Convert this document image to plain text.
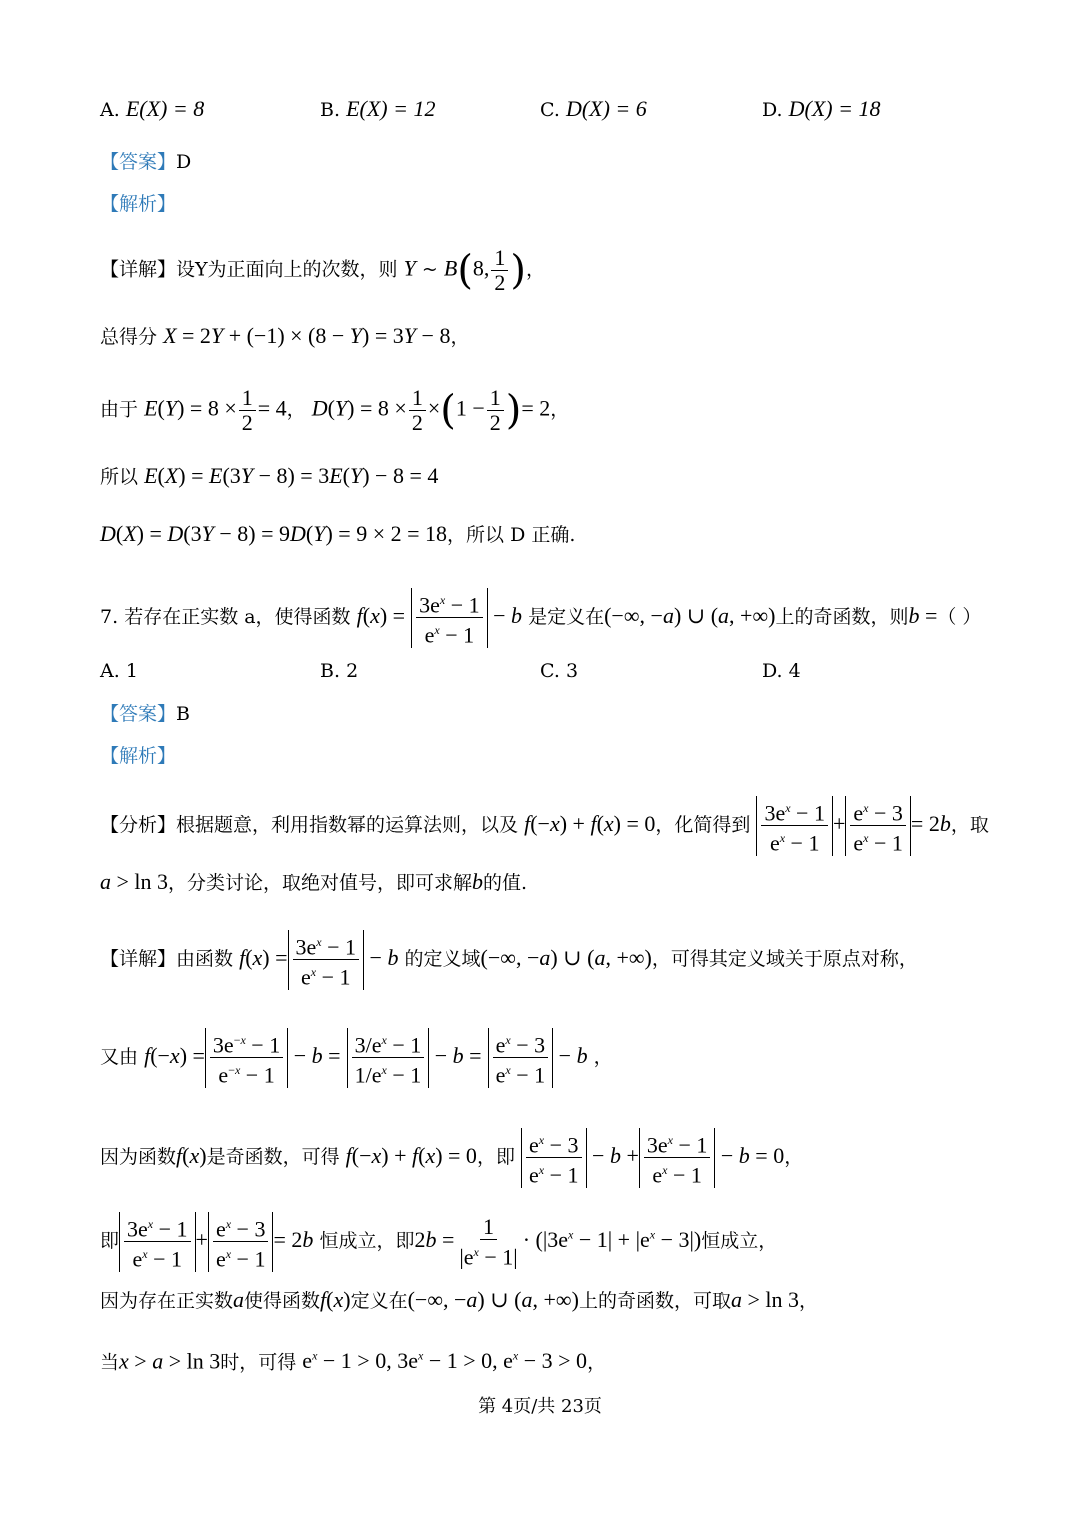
A. E(X) = 8	B. E(X) = 12	C. D(X) = 6	D. D(X) = 18
【答案】D
【解析】
【详解】设Y为正面向上的次数，则 Y ~ B(8, $\frac{1}{2}$ )，
总得分 X = 2Y + (−1) × (8 − Y) = 3Y − 8，
由于 $E(Y) = 8 \times \frac{1}{2} = 4$， $D(Y) = 8 \times \frac{1}{2} \times(1 - \frac{1}{2}$ )= 2，
所以 E(X) = E(3Y − 8) = 3E(Y) − 8 = 4
D(X) = D(3Y − 8) = 9D(Y) = 9 × 2 = 18，所以 D 正确.
7. 若存在正实数 a，使得函数 $f(x) = \frac{3e^x - 1}{e^x - 1} - b$ 是定义在(−∞, −a) ∪ (a, +∞)上的奇函数，则b =（ ）
A. 1	B. 2	C. 3	D. 4
【答案】B
【解析】
【分析】根据题意，利用指数幂的运算法则，以及 f(−x) + f(x) = 0，化简得到 $\frac{3e^x - 1}{e^x - 1} + \frac{e^x - 3}{e^x - 1} = 2b$，取
a > ln 3，分类讨论，取绝对值号，即可求解b的值.
【详解】由函数 $f(x) = \frac{3e^x - 1}{e^x - 1} - b$ 的定义域(−∞, −a) ∪ (a, +∞)，可得其定义域关于原点对称，
又由 $f(-x) = \frac{3e^{-x} - 1}{e^{-x} - 1} - b = \frac{3/e^x - 1}{1/e^x - 1} - b = \frac{e^x - 3}{e^x - 1} - b$ ，
因为函数f(x)是奇函数，可得 f(−x) + f(x) = 0，即 $\frac{e^x - 3}{e^x - 1} - b + \frac{3e^x - 1}{e^x - 1} - b = 0$，
即 $\frac{3e^x - 1}{e^x - 1} + \frac{e^x - 3}{e^x - 1} = 2b$ 恒成立，即$2b = \frac{1}{|e^x - 1|} \cdot (|3e^x - 1| + |e^x - 3|)$恒成立，
因为存在正实数a使得函数f(x)定义在(−∞, −a) ∪ (a, +∞)上的奇函数，可取a > ln 3，
当x > a > ln 3时，可得 $e^x - 1 > 0$, $3e^x - 1 > 0$, $e^x - 3 > 0$，
第 4页/共 23页
